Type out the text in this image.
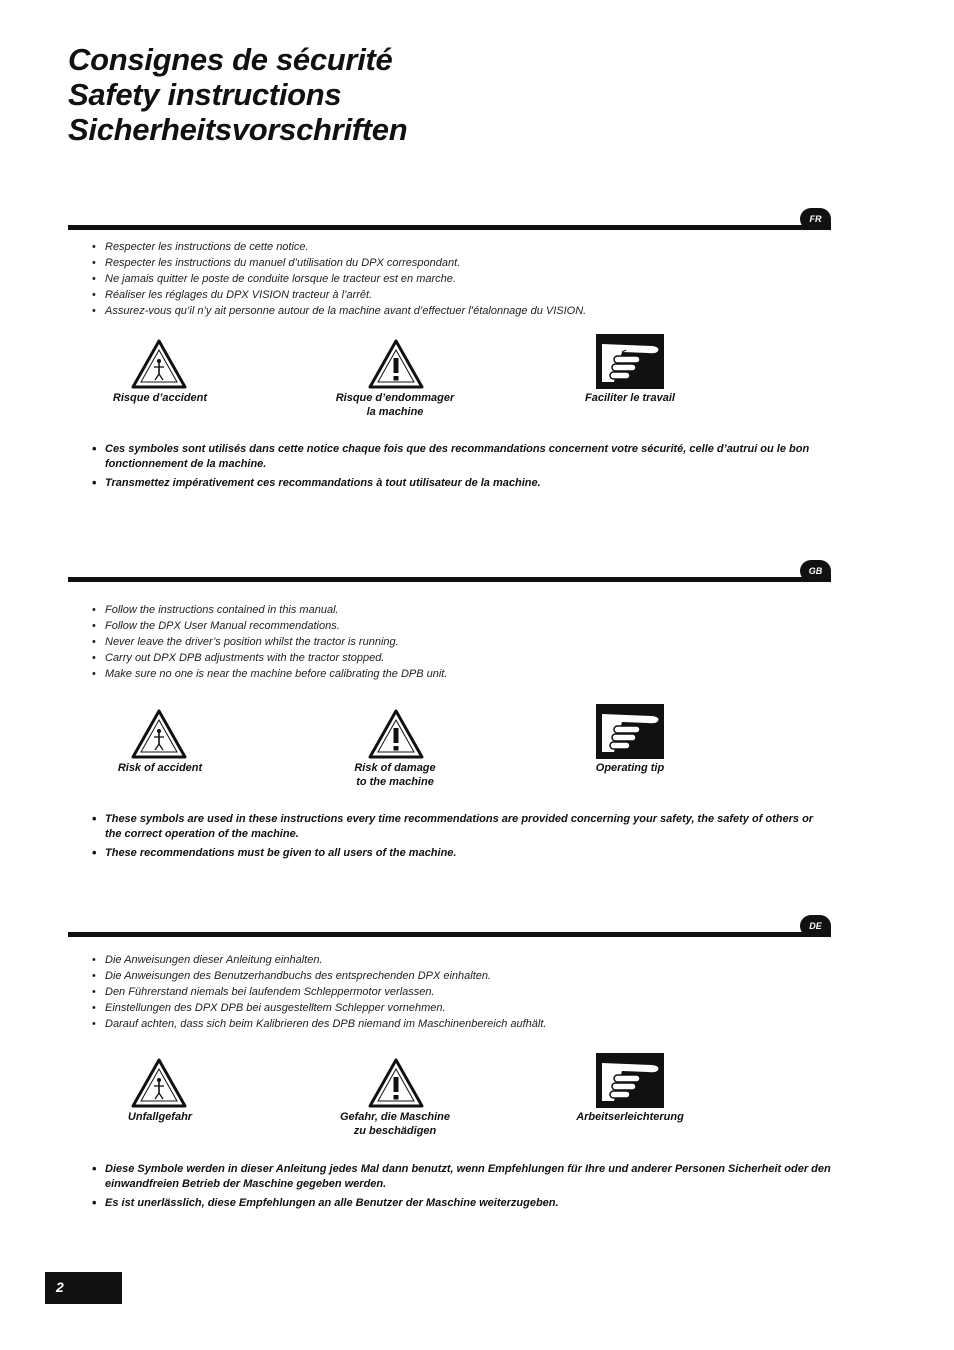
Consignes de sécurité
Safety instructions
Sicherheitsvorschriften
FR
• Respecter les instructions de cette notice.
• Respecter les instructions du manuel d’utilisation du DPX correspondant.
• Ne jamais quitter le poste de conduite lorsque le tracteur est en marche.
• Réaliser les réglages du DPX VISION tracteur à l’arrêt.
• Assurez-vous qu’il n’y ait personne autour de la machine avant d’effectuer l’étalonnage du VISION.
Risque d’accident	Risque d’endommager
la machine
Faciliter le travail
• Ces symboles sont utilisés dans cette notice chaque fois que des recommandations concernent votre sécurité, celle d’autrui ou le bon fonctionnement de la machine.
• Transmettez impérativement ces recommandations à tout utilisateur de la machine.
GB
• Follow the instructions contained in this manual.
• Follow the DPX User Manual recommendations.
• Never leave the driver’s position whilst the tractor is running.
• Carry out DPX DPB adjustments with the tractor stopped.
• Make sure no one is near the machine before calibrating the DPB unit.
Risk of accident	Risk of damage
to the machine
Operating tip
• These symbols are used in these instructions every time recommendations are provided concerning your safety, the safety of others or the correct operation of the machine.
• These recommendations must be given to all users of the machine.
DE
• Die Anweisungen dieser Anleitung einhalten.
• Die Anweisungen des Benutzerhandbuchs des entsprechenden DPX einhalten.
• Den Führerstand niemals bei laufendem Schleppermotor verlassen.
• Einstellungen des DPX DPB bei ausgestelltem Schlepper vornehmen.
• Darauf achten, dass sich beim Kalibrieren des DPB niemand im Maschinenbereich aufhält.
Unfallgefahr	Gefahr, die Maschine
zu beschädigen
Arbeitserleichterung
• Diese Symbole werden in dieser Anleitung jedes Mal dann benutzt, wenn Empfehlungen für Ihre und anderer Personen Sicherheit oder den einwandfreien Betrieb der Maschine gegeben werden.
• Es ist unerlässlich, diese Empfehlungen an alle Benutzer der Maschine weiterzugeben.
2
